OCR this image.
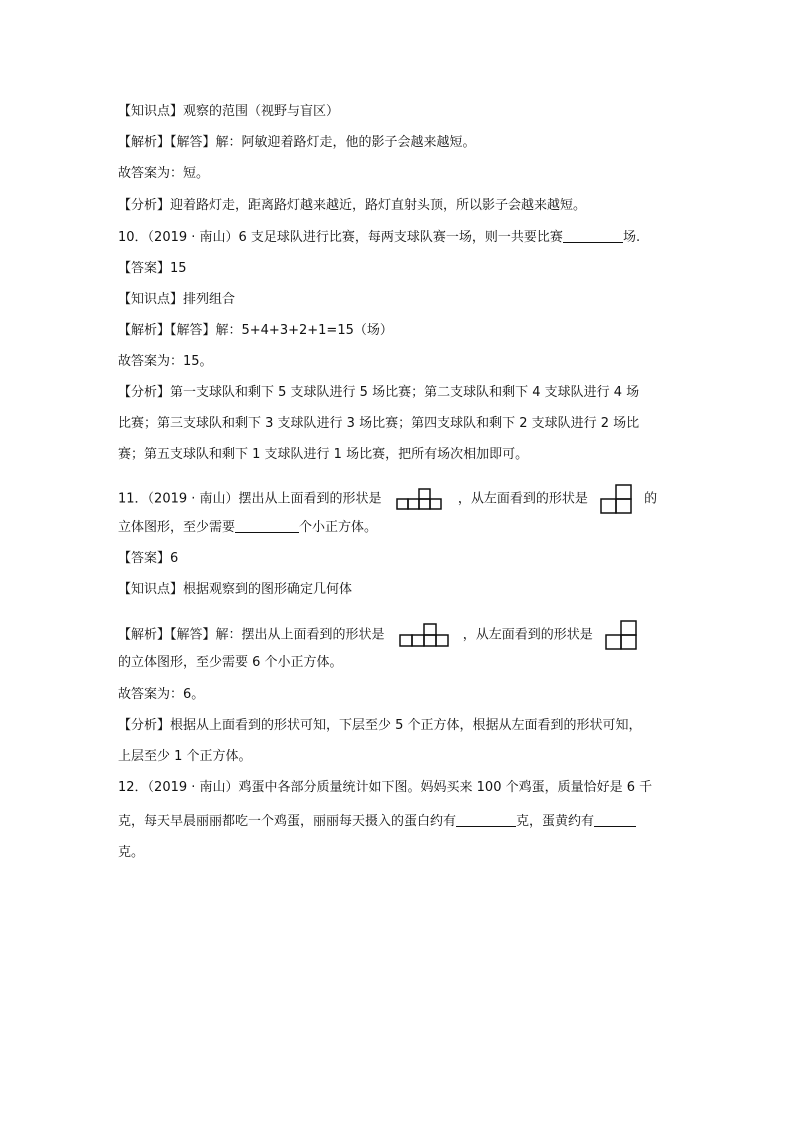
【知识点】观察的范围（视野与盲区）
【解析】【解答】解：阿敏迎着路灯走，他的影子会越来越短。
故答案为：短。
【分析】迎着路灯走，距离路灯越来越近，路灯直射头顶，所以影子会越来越短。
10．（2019 · 南山）6 支足球队进行比赛，每两支球队赛一场，则一共要比赛	场.
【答案】15
【知识点】排列组合
【解析】【解答】解：5+4+3+2+1=15（场）
故答案为：15。
【分析】第一支球队和剩下 5 支球队进行 5 场比赛；第二支球队和剩下 4 支球队进行 4 场
比赛；第三支球队和剩下 3 支球队进行 3 场比赛；第四支球队和剩下 2 支球队进行 2 场比
赛；第五支球队和剩下 1 支球队进行 1 场比赛，把所有场次相加即可。
11．（2019 · 南山）摆出从上面看到的形状是	，从左面看到的形状是	的
立体图形，至少需要	个小正方体。
【答案】6
【知识点】根据观察到的图形确定几何体
【解析】【解答】解：摆出从上面看到的形状是	，从左面看到的形状是
的立体图形，至少需要 6 个小正方体。
故答案为：6。
【分析】根据从上面看到的形状可知，下层至少 5 个正方体，根据从左面看到的形状可知，
上层至少 1 个正方体。
12．（2019 · 南山）鸡蛋中各部分质量统计如下图。妈妈买来 100 个鸡蛋，质量恰好是 6 千
克，每天早晨丽丽都吃一个鸡蛋，丽丽每天摄入的蛋白约有	克，蛋黄约有
克。
